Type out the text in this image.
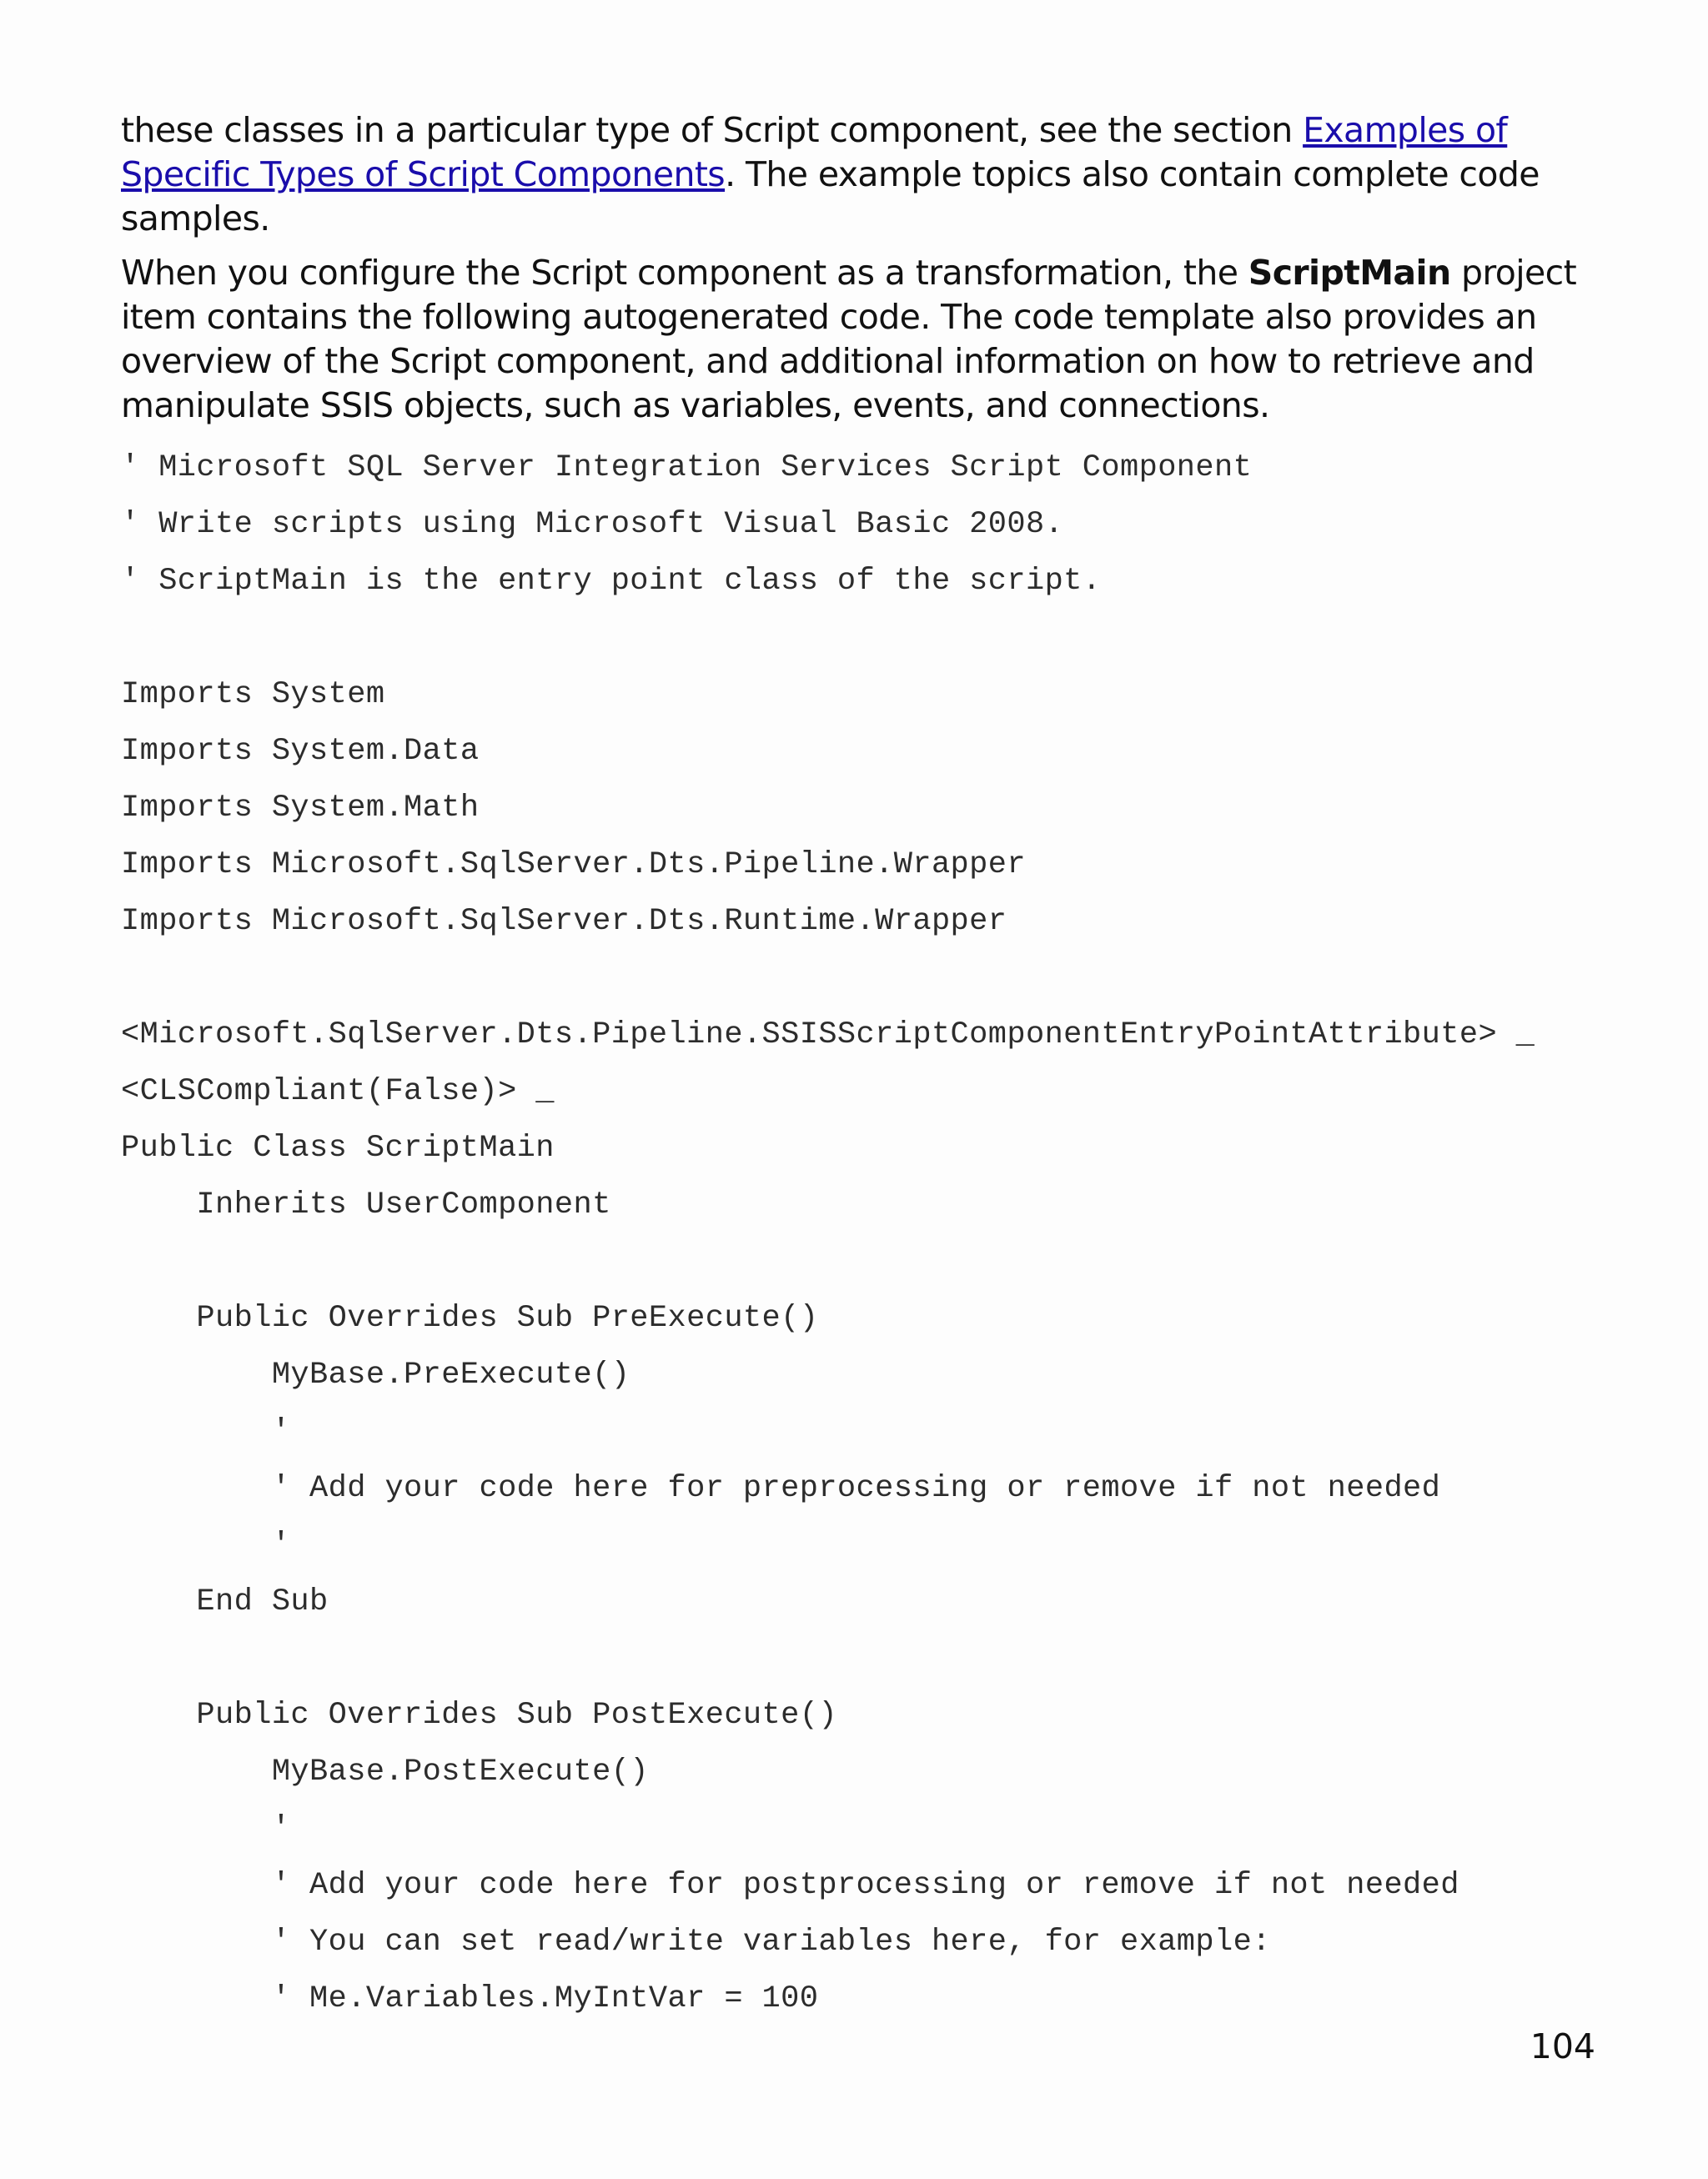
these classes in a particular type of Script component, see the section Examples of Specific Types of Script Components. The example topics also contain complete code samples.

When you configure the Script component as a transformation, the ScriptMain project item contains the following autogenerated code. The code template also provides an overview of the Script component, and additional information on how to retrieve and manipulate SSIS objects, such as variables, events, and connections.

' Microsoft SQL Server Integration Services Script Component
' Write scripts using Microsoft Visual Basic 2008.
' ScriptMain is the entry point class of the script.
Imports System
Imports System.Data
Imports System.Math
Imports Microsoft.SqlServer.Dts.Pipeline.Wrapper
Imports Microsoft.SqlServer.Dts.Runtime.Wrapper
<Microsoft.SqlServer.Dts.Pipeline.SSISScriptComponentEntryPointAttribute> _
<CLSCompliant(False)> _
Public Class ScriptMain
Inherits UserComponent
Public Overrides Sub PreExecute()
MyBase.PreExecute()
'
' Add your code here for preprocessing or remove if not needed
'
End Sub
Public Overrides Sub PostExecute()
MyBase.PostExecute()
'
' Add your code here for postprocessing or remove if not needed
' You can set read/write variables here, for example:
' Me.Variables.MyIntVar = 100
104
